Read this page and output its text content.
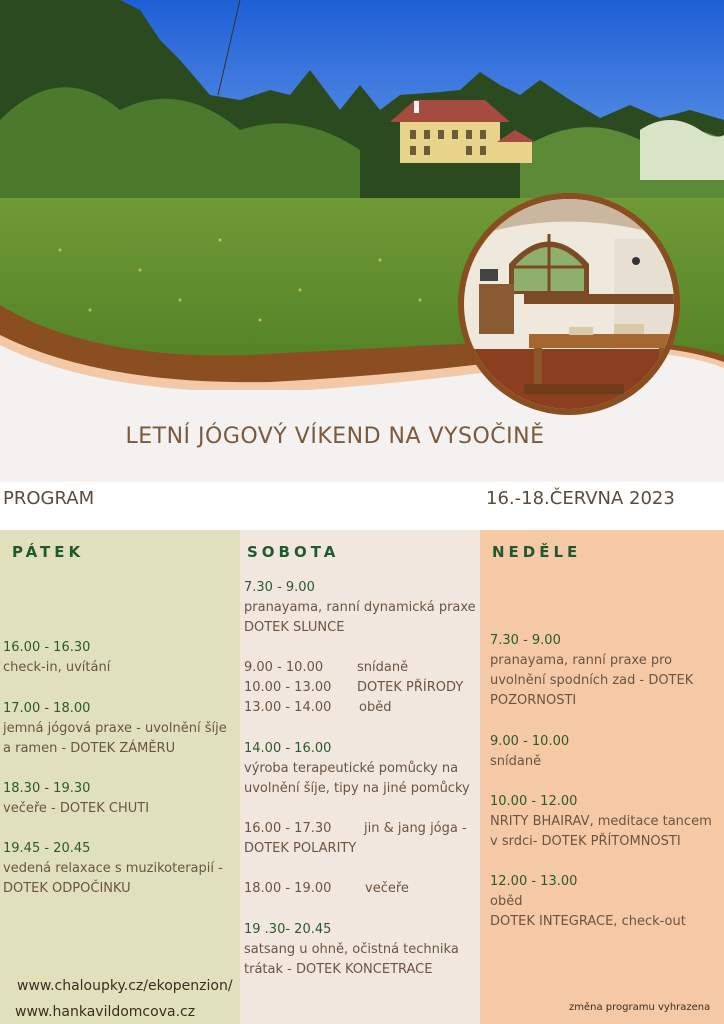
LETNÍ JÓGOVÝ VÍKEND NA VYSOČINĚ
PROGRAM	16.-18.ČERVNA 2023
PÁTEK
16.00 - 16.30
check-in, uvítání
17.00 - 18.00
jemná jógová praxe - uvolnění šíje
a ramen - DOTEK ZÁMĚRU
18.30 - 19.30
večeře - DOTEK CHUTI
19.45 - 20.45
vedená relaxace s muzikoterapií -
DOTEK ODPOČINKU
SOBOTA
7.30 - 9.00
pranayama, ranní dynamická praxe
DOTEK SLUNCE
9.00 - 10.00	snídaně
10.00 - 13.00 DOTEK PŘÍRODY
13.00 - 14.00 oběd
14.00 - 16.00
výroba terapeutické pomůcky na
uvolnění šíje, tipy na jiné pomůcky
16.00 - 17.30	jin & jang jóga -
DOTEK POLARITY
18.00 - 19.00	večeře
19 .30- 20.45
satsang u ohně, očistná technika
trátak - DOTEK KONCETRACE
NEDĚLE
7.30 - 9.00
pranayama, ranní praxe pro
uvolnění spodních zad - DOTEK
POZORNOSTI
9.00 - 10.00
snídaně
10.00 - 12.00
NRITY BHAIRAV, meditace tancem
v srdci- DOTEK PŘÍTOMNOSTI
12.00 - 13.00
oběd
DOTEK INTEGRACE, check-out
www.chaloupky.cz/ekopenzion/
www.hankavildomcova.cz	změna programu vyhrazena
